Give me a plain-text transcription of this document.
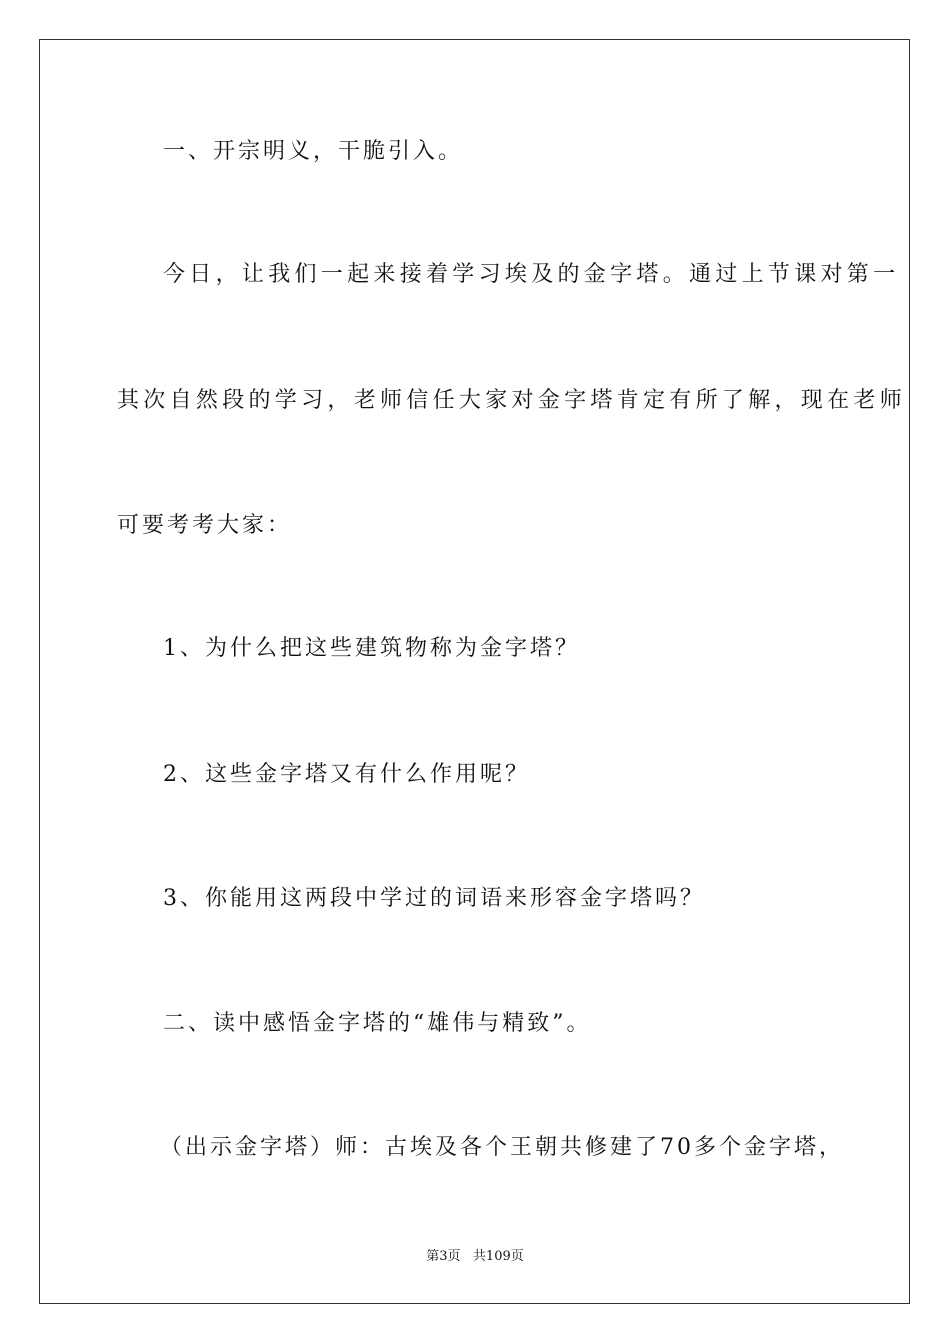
一、开宗明义，干脆引入。
今日，让我们一起来接着学习埃及的金字塔。通过上节课对第一
其次自然段的学习，老师信任大家对金字塔肯定有所了解，现在老师
可要考考大家：
1、为什么把这些建筑物称为金字塔？
2、这些金字塔又有什么作用呢？
3、你能用这两段中学过的词语来形容金字塔吗？
二、读中感悟金字塔的“雄伟与精致”。
（出示金字塔）师：古埃及各个王朝共修建了70多个金字塔，
第3页   共109页
